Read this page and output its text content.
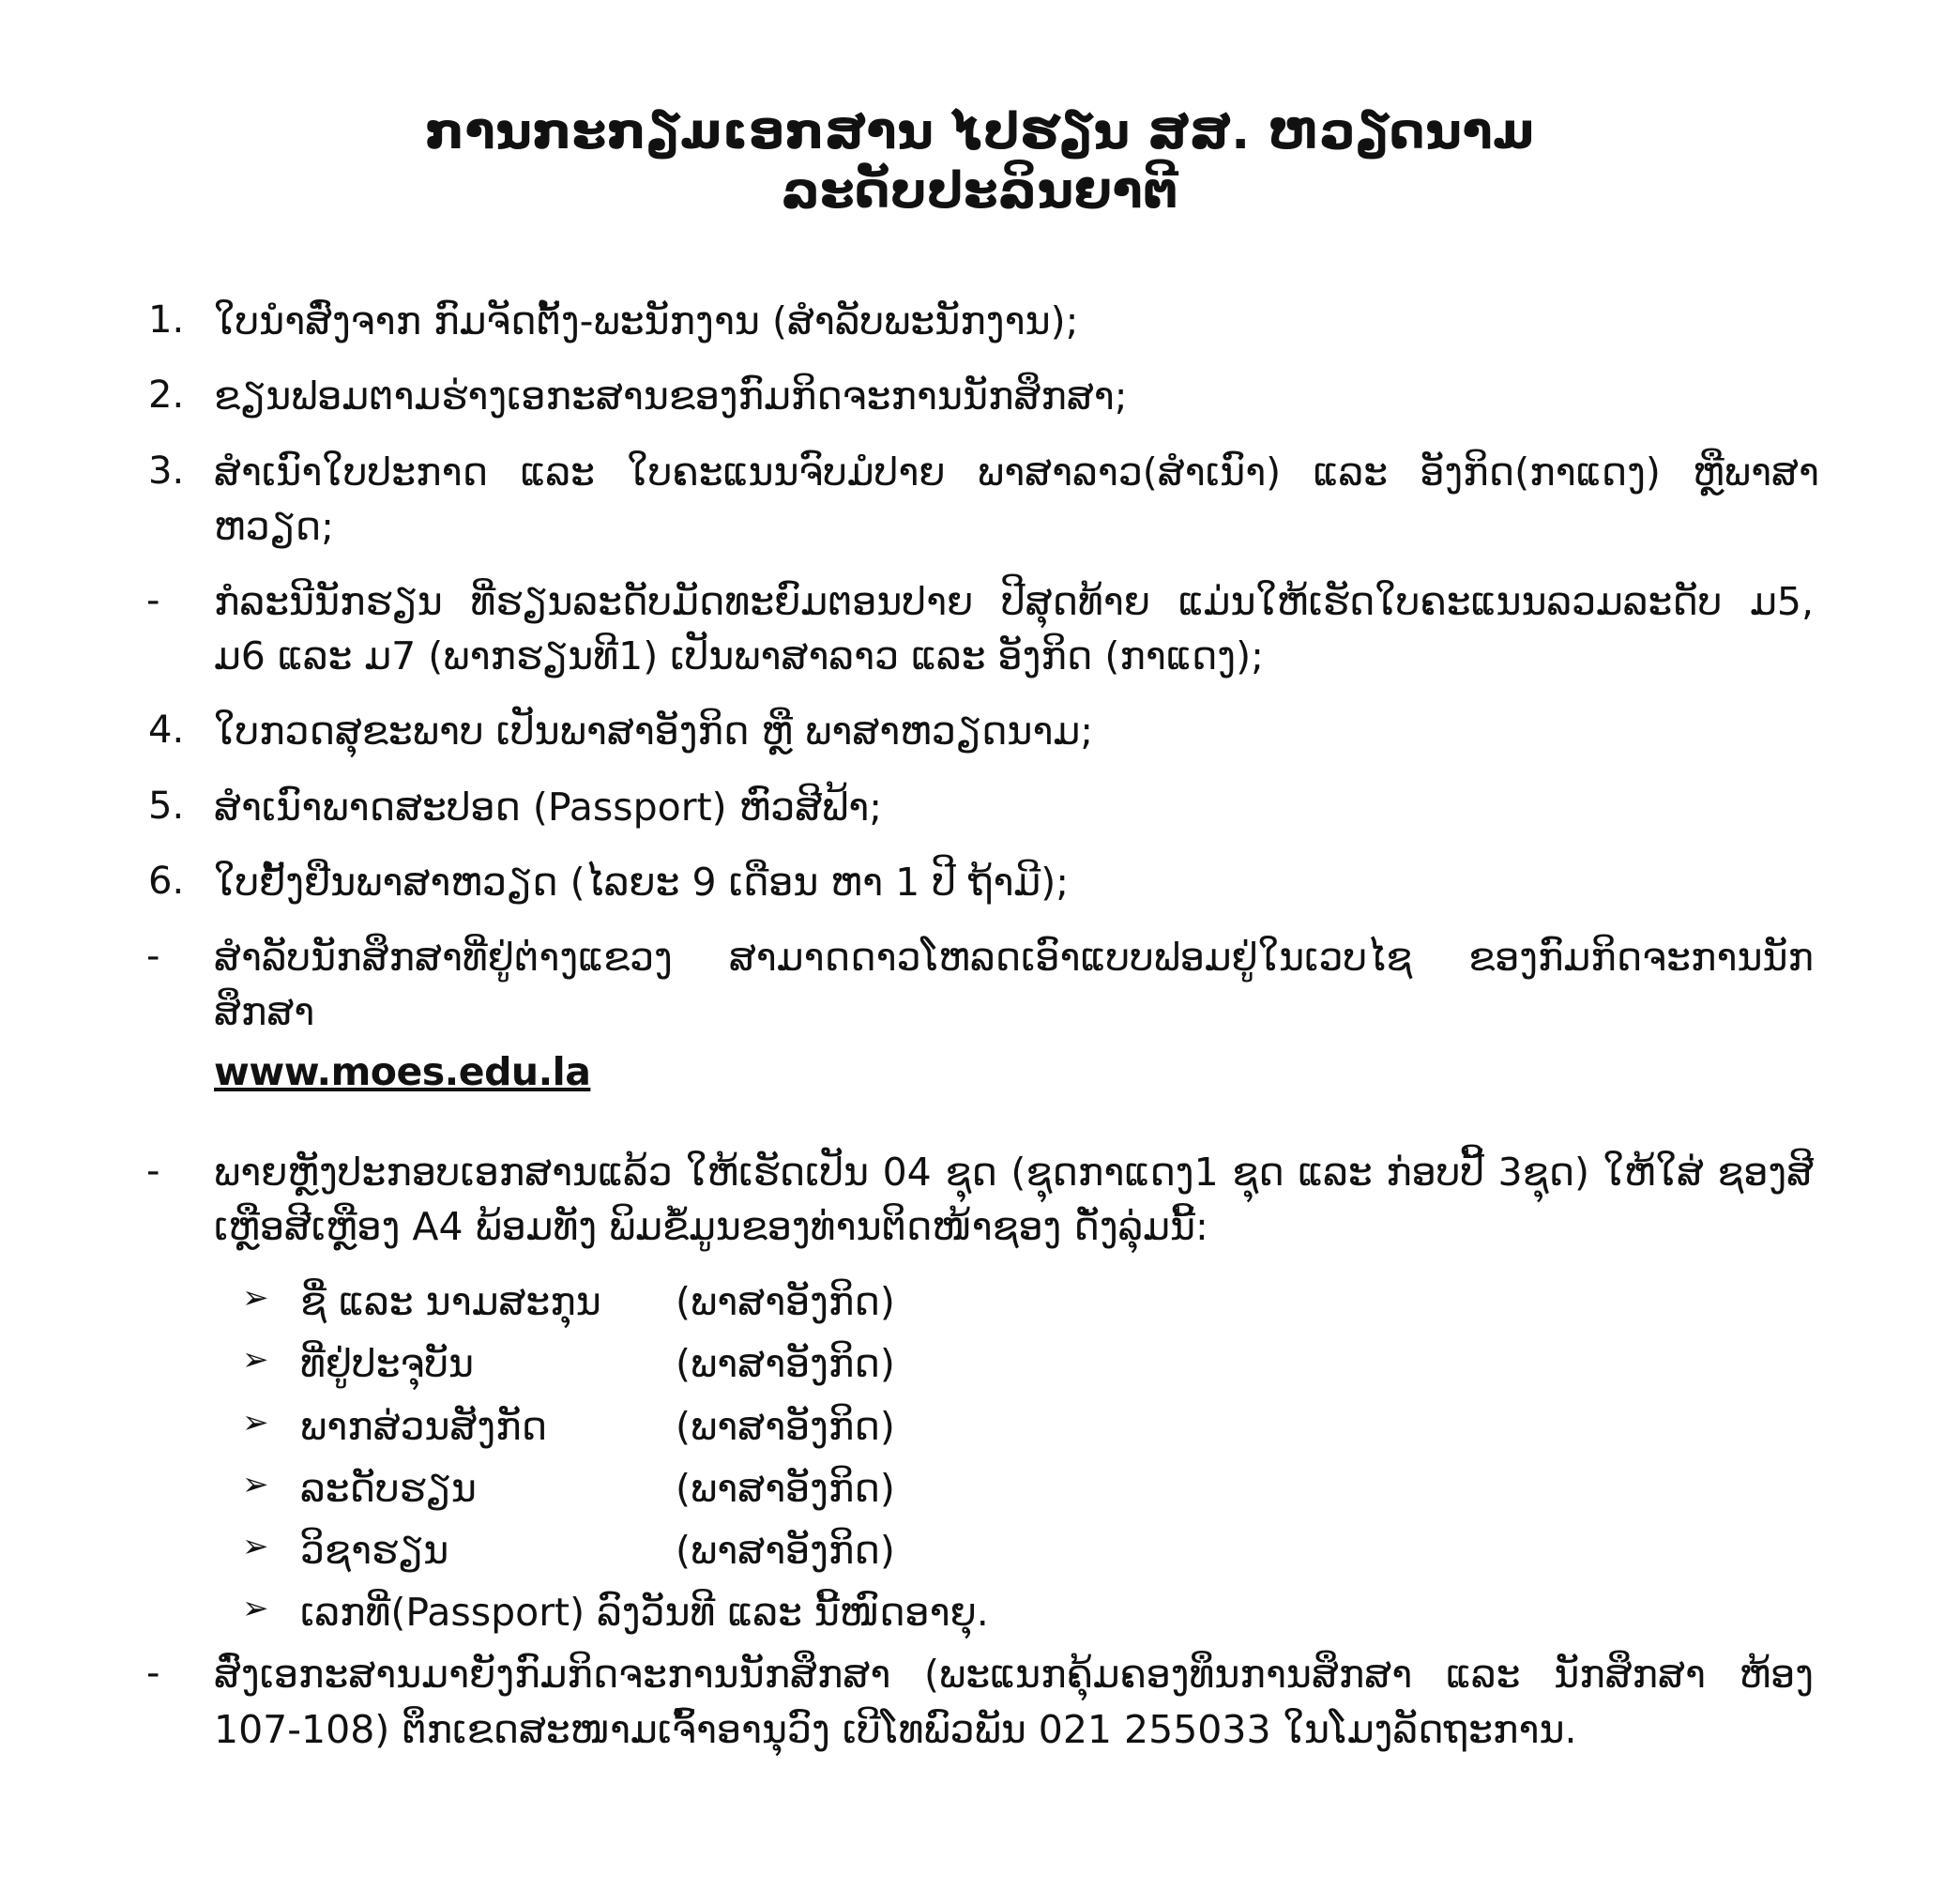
ການກະກຽມເອກສານ ໄປຮຽນ ສສ. ຫວຽດນາມ
ລະດັບປະລິນຍາຕີ
1. ໃບນຳສົ່ງຈາກ ກົມຈັດຕັ້ງ-ພະນັກງານ (ສຳລັບພະນັກງານ);
2. ຂຽນຟອມຕາມຮ່າງເອກະສານຂອງກົມກິດຈະການນັກສຶກສາ;
3. ສຳເນົາໃບປະກາດ ແລະ ໃບຄະແນນຈົບມໍປາຍ ພາສາລາວ(ສຳເນົາ) ແລະ ອັງກິດ(ກາແດງ) ຫຼືພາສາ
ຫວຽດ;
-	ກໍລະນີນັກຮຽນ ທີ່ຮຽນລະດັບມັດທະຍົມຕອນປາຍ ປີສຸດທ້າຍ ແມ່ນໃຫ້ເຮັດໃບຄະແນນລວມລະດັບ ມ5, ມ6 ແລະ ມ7 (ພາກຮຽນທີ1) ເປັນພາສາລາວ ແລະ ອັງກິດ (ກາແດງ);
4. ໃບກວດສຸຂະພາບ ເປັນພາສາອັງກິດ ຫຼື ພາສາຫວຽດນາມ;
5. ສຳເນົາພາດສະປອດ (Passport) ຫົວສີຟ້າ;
6. ໃບຢັ້ງຢືນພາສາຫວຽດ (ໄລຍະ 9 ເດືອນ ຫາ 1 ປີ ຖ້າມີ);
-	ສຳລັບນັກສຶກສາທີ່ຢູ່ຕ່າງແຂວງ ສາມາດດາວໂຫລດເອົາແບບຟອມຢູ່ໃນເວບໄຊ ຂອງກົມກິດຈະການນັກ ສຶກສາ
www.moes.edu.la
-	ພາຍຫຼັງປະກອບເອກສານແລ້ວ ໃຫ້ເຮັດເປັນ 04 ຊຸດ (ຊຸດກາແດງ1 ຊຸດ ແລະ ກ່ອບປີ້ 3ຊຸດ) ໃຫ້ໃສ່ ຊອງສີເຫຼືອສີເຫຼືອງ A4 ພ້ອມທັງ ພິມຂໍ້ມູນຂອງທ່ານຕິດໜ້າຊອງ ດັ່ງລຸ່ມນີ້:
➢ ຊື່ ແລະ ນາມສະກຸນ	(ພາສາອັງກິດ)
➢ ທີ່ຢູ່ປະຈຸບັນ	(ພາສາອັງກິດ)
➢ ພາກສ່ວນສັງກັດ	(ພາສາອັງກິດ)
➢ ລະດັບຮຽນ	(ພາສາອັງກິດ)
➢ ວິຊາຮຽນ	(ພາສາອັງກິດ)
➢ ເລກທີ່(Passport) ລົງວັນທີ ແລະ ນີ້ໜົດອາຍຸ.
-	ສົ່ງເອກະສານມາຍັງກົມກິດຈະການນັກສຶກສາ (ພະແນກຄຸ້ມຄອງທຶນການສຶກສາ ແລະ ນັກສຶກສາ ຫ້ອງ 107-108) ຕຶກເຂດສະໜາມເຈົ້າອານຸວົງ ເບີໂທພົວພັນ 021 255033 ໃນໂມງລັດຖະການ.
